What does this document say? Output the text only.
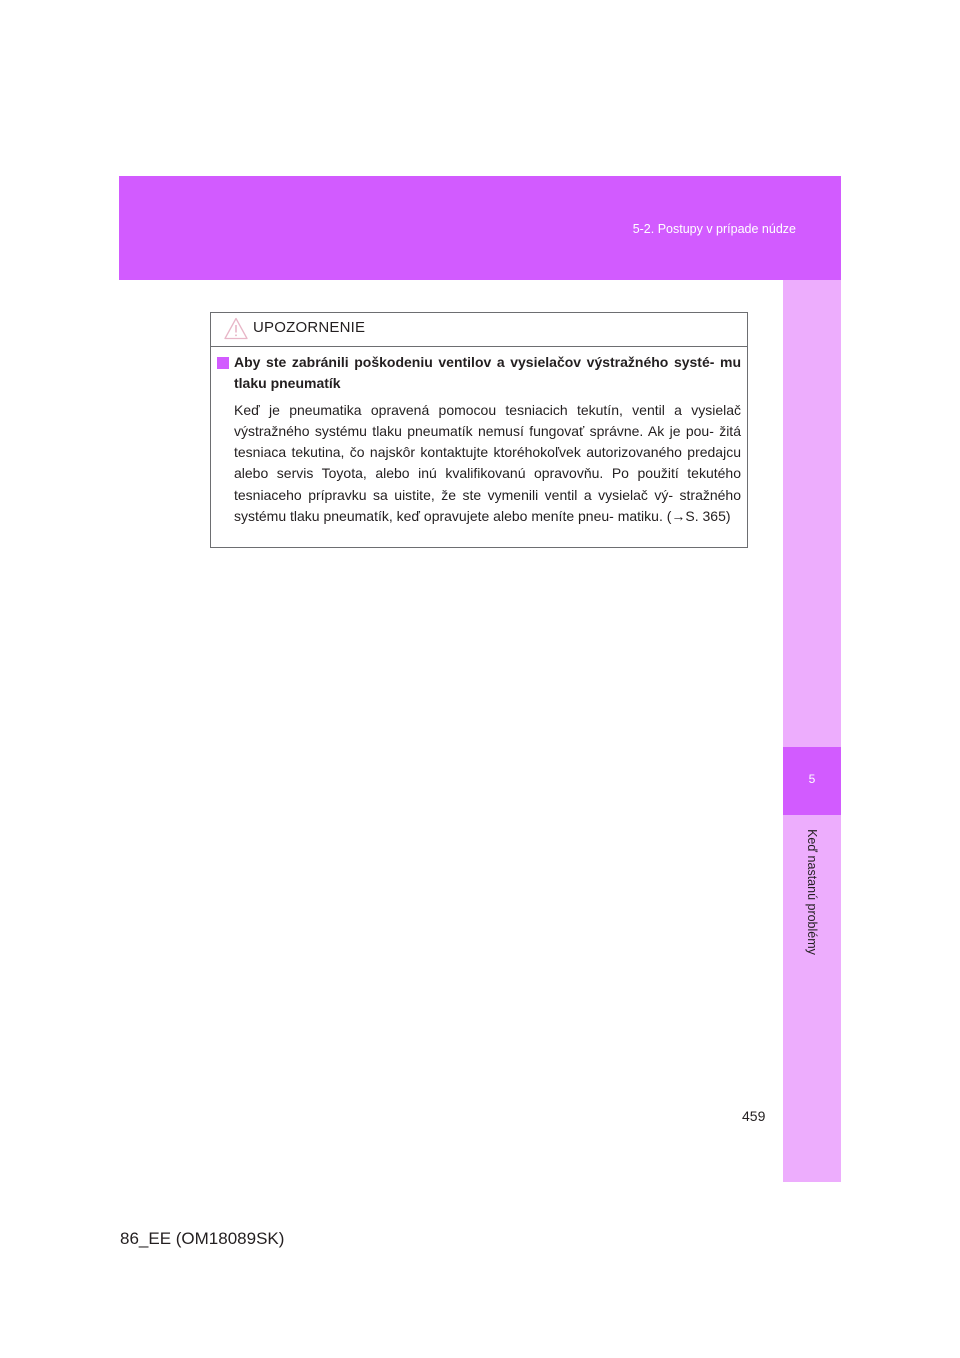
5-2. Postupy v prípade núdze
5
Keď nastanú problémy
UPOZORNENIE
Aby ste zabránili poškodeniu ventilov a vysielačov výstražného systé- mu tlaku pneumatík
Keď je pneumatika opravená pomocou tesniacich tekutín, ventil a vysielač výstražného systému tlaku pneumatík nemusí fungovať správne. Ak je pou- žitá tesniaca tekutina, čo najskôr kontaktujte ktoréhokoľvek autorizovaného predajcu alebo servis Toyota, alebo inú kvalifikovanú opravovňu. Po použití tekutého tesniaceho prípravku sa uistite, že ste vymenili ventil a vysielač vý- stražného systému tlaku pneumatík, keď opravujete alebo meníte pneu- matiku. (→S. 365)
459
86_EE (OM18089SK)
